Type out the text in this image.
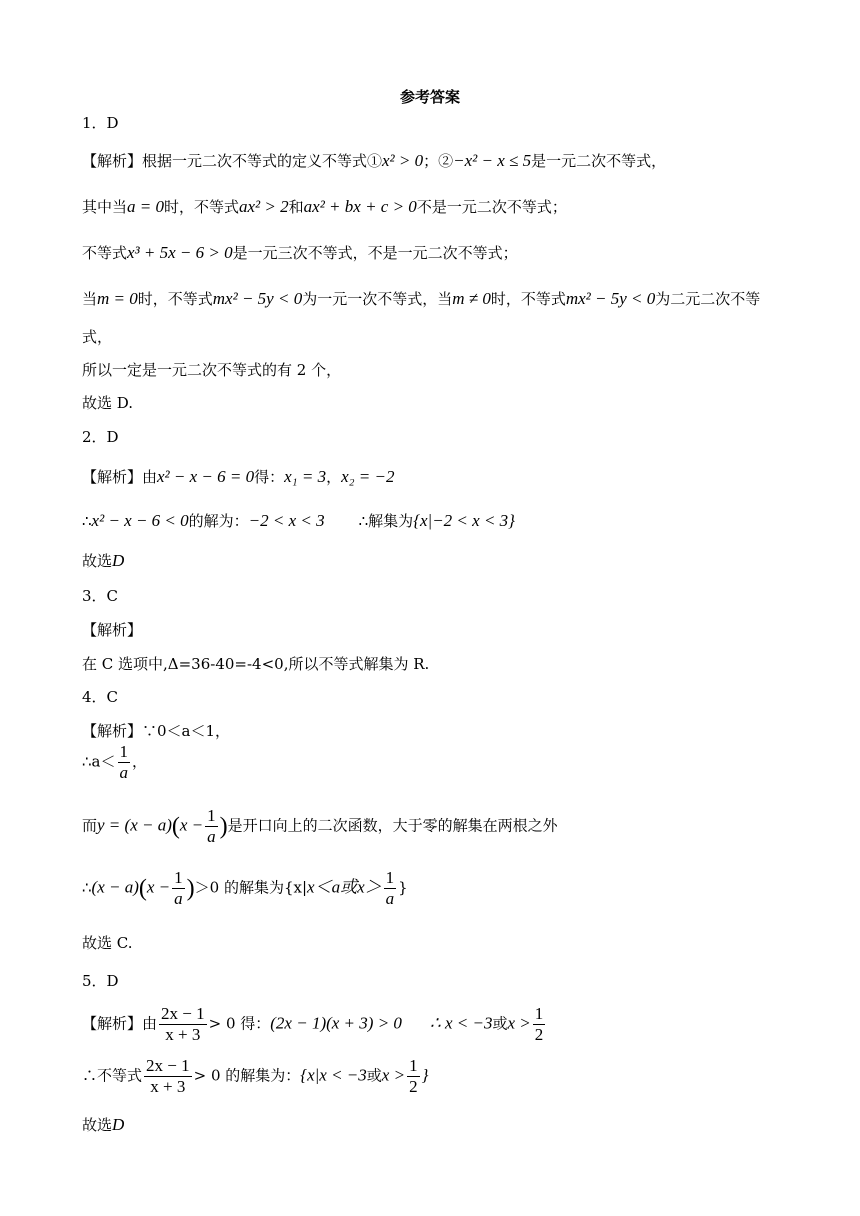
参考答案
1．D
【解析】根据一元二次不等式的定义不等式①x² > 0；②−x² − x ≤ 5是一元二次不等式，
其中当a = 0时，不等式ax² > 2和ax² + bx + c > 0不是一元二次不等式；
不等式x³ + 5x − 6 > 0是一元三次不等式，不是一元二次不等式；
当m = 0时，不等式mx² − 5y < 0为一元一次不等式，当m ≠ 0时，不等式mx² − 5y < 0为二元二次不等
式，
所以一定是一元二次不等式的有 2 个，
故选 D.
2．D
【解析】由x² − x − 6 = 0得：x₁ = 3，x₂ = −2
∴x² − x − 6 < 0的解为：−2 < x < 3 ∴解集为{x|−2 < x < 3}
故选D
3．C
【解析】
在 C 选项中,Δ=36-40=-4<0,所以不等式解集为 R.
4．C
【解析】∵0＜a＜1，
∴a＜ $\frac{1}{a}$ ，
而$y = (x - a)(x - \frac{1}{a}$ )是开口向上的二次函数，大于零的解集在两根之外
∴(x − $a)(x - \frac{1}{a} )>0$ 的解集为{x|x＜a或$x> \frac{1}{a}$ }
故选 C.
5．D
【解析】由 $\frac{2x - 1}{x + 3} > 0$ 得：(2x − 1)(x + 3) > 0 ∴ x < −3或$x > \frac{1}{2}$
∴不等式 $\frac{2x - 1}{x + 3} > 0$ 的解集为：{x|x < −3或$x > \frac{1}{2}$ }
故选D
